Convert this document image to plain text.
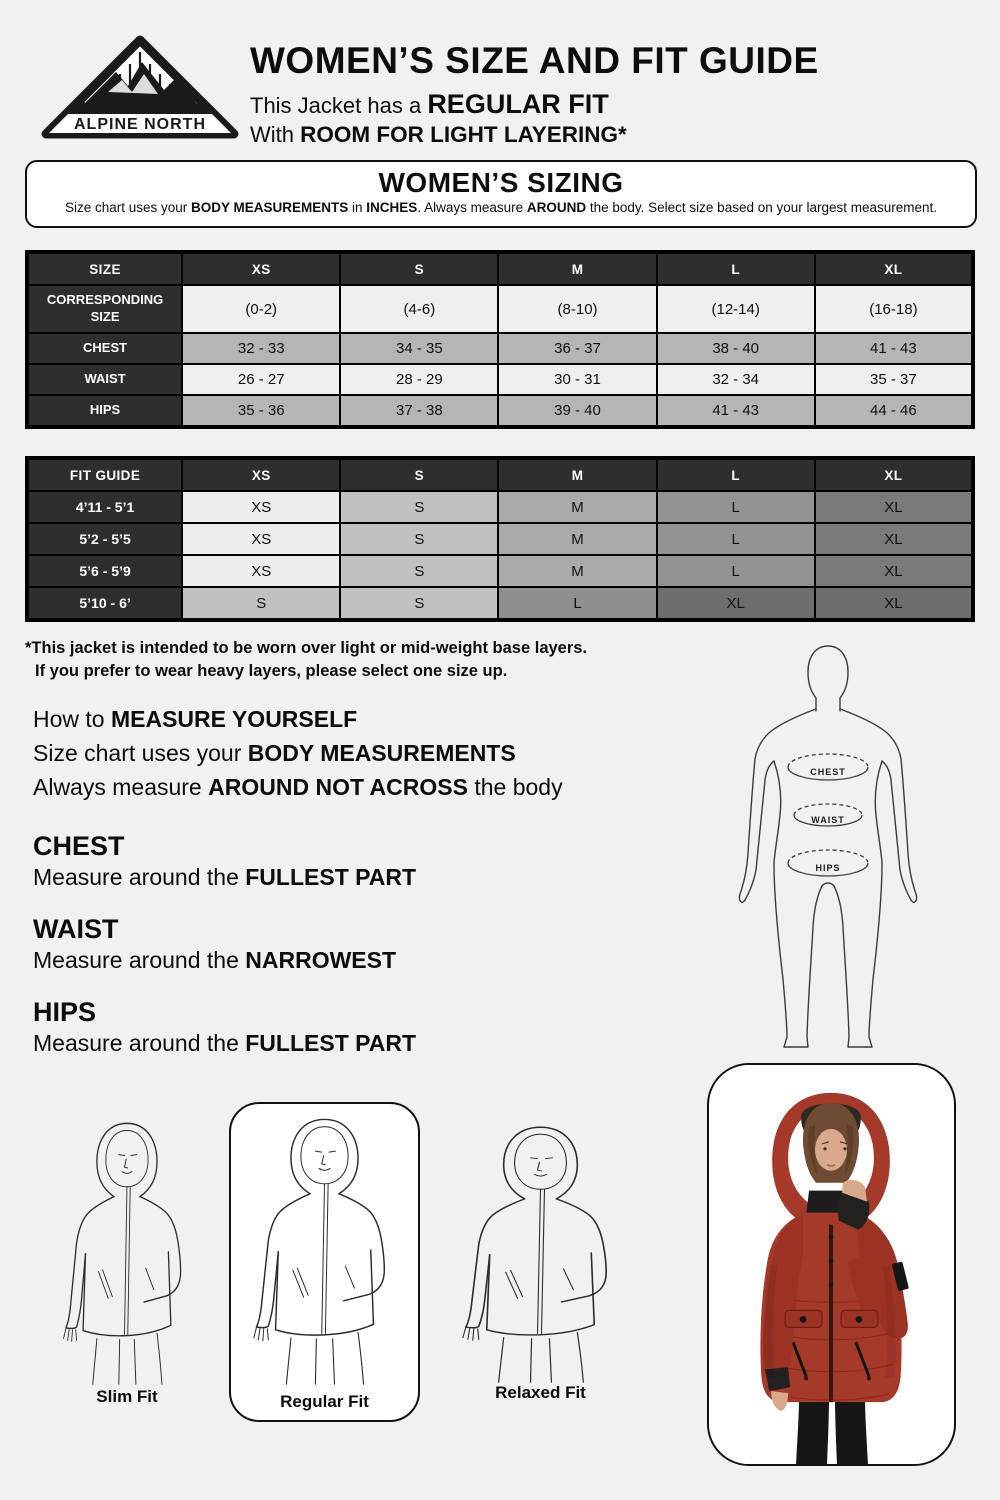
ALPINE NORTH
WOMEN’S SIZE AND FIT GUIDE

This Jacket has a REGULAR FIT

With ROOM FOR LIGHT LAYERING*

WOMEN’S SIZING

Size chart uses your BODY MEASUREMENTS in INCHES. Always measure AROUND the body. Select size based on your largest measurement.

SIZE	XS	S	M	L	XL
CORRESPONDING SIZE	(0-2)	(4-6)	(8-10)	(12-14)	(16-18)
CHEST	32 - 33	34 - 35	36 - 37	38 - 40	41 - 43
WAIST	26 - 27	28 - 29	30 - 31	32 - 34	35 - 37
HIPS	35 - 36	37 - 38	39 - 40	41 - 43	44 - 46
FIT GUIDE	XS	S	M	L	XL
4’11 - 5’1	XS	S	M	L	XL
5’2 - 5’5	XS	S	M	L	XL
5’6 - 5’9	XS	S	M	L	XL
5’10 - 6’	S	S	L	XL	XL
*This jacket is intended to be worn over light or mid-weight base layers.
If you prefer to wear heavy layers, please select one size up.
How to MEASURE YOURSELF
Size chart uses your BODY MEASUREMENTS
Always measure AROUND NOT ACROSS the body
CHEST

Measure around the FULLEST PART

WAIST

Measure around the NARROWEST

HIPS

Measure around the FULLEST PART

CHEST
WAIST
HIPS
Slim Fit	Regular Fit	Relaxed Fit
